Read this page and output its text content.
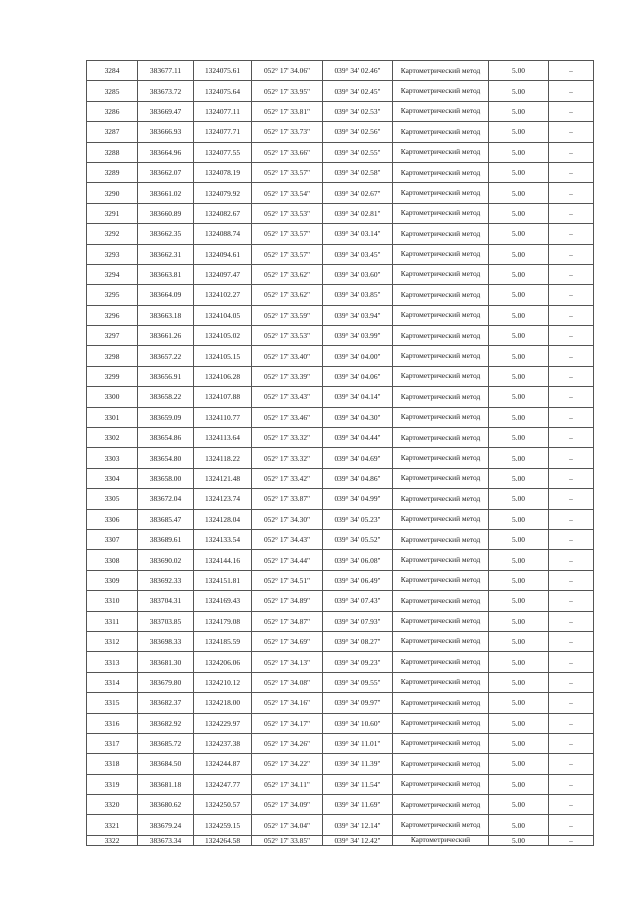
3284	383677.11	1324075.61	052° 17' 34.06"	039° 34' 02.46"	Картометрический метод	5.00	–
3285	383673.72	1324075.64	052° 17' 33.95"	039° 34' 02.45"	Картометрический метод	5.00	–
3286	383669.47	1324077.11	052° 17' 33.81"	039° 34' 02.53"	Картометрический метод	5.00	–
3287	383666.93	1324077.71	052° 17' 33.73"	039° 34' 02.56"	Картометрический метод	5.00	–
3288	383664.96	1324077.55	052° 17' 33.66"	039° 34' 02.55"	Картометрический метод	5.00	–
3289	383662.07	1324078.19	052° 17' 33.57"	039° 34' 02.58"	Картометрический метод	5.00	–
3290	383661.02	1324079.92	052° 17' 33.54"	039° 34' 02.67"	Картометрический метод	5.00	–
3291	383660.89	1324082.67	052° 17' 33.53"	039° 34' 02.81"	Картометрический метод	5.00	–
3292	383662.35	1324088.74	052° 17' 33.57"	039° 34' 03.14"	Картометрический метод	5.00	–
3293	383662.31	1324094.61	052° 17' 33.57"	039° 34' 03.45"	Картометрический метод	5.00	–
3294	383663.81	1324097.47	052° 17' 33.62"	039° 34' 03.60"	Картометрический метод	5.00	–
3295	383664.09	1324102.27	052° 17' 33.62"	039° 34' 03.85"	Картометрический метод	5.00	–
3296	383663.18	1324104.05	052° 17' 33.59"	039° 34' 03.94"	Картометрический метод	5.00	–
3297	383661.26	1324105.02	052° 17' 33.53"	039° 34' 03.99"	Картометрический метод	5.00	–
3298	383657.22	1324105.15	052° 17' 33.40"	039° 34' 04.00"	Картометрический метод	5.00	–
3299	383656.91	1324106.28	052° 17' 33.39"	039° 34' 04.06"	Картометрический метод	5.00	–
3300	383658.22	1324107.88	052° 17' 33.43"	039° 34' 04.14"	Картометрический метод	5.00	–
3301	383659.09	1324110.77	052° 17' 33.46"	039° 34' 04.30"	Картометрический метод	5.00	–
3302	383654.86	1324113.64	052° 17' 33.32"	039° 34' 04.44"	Картометрический метод	5.00	–
3303	383654.80	1324118.22	052° 17' 33.32"	039° 34' 04.69"	Картометрический метод	5.00	–
3304	383658.00	1324121.48	052° 17' 33.42"	039° 34' 04.86"	Картометрический метод	5.00	–
3305	383672.04	1324123.74	052° 17' 33.87"	039° 34' 04.99"	Картометрический метод	5.00	–
3306	383685.47	1324128.04	052° 17' 34.30"	039° 34' 05.23"	Картометрический метод	5.00	–
3307	383689.61	1324133.54	052° 17' 34.43"	039° 34' 05.52"	Картометрический метод	5.00	–
3308	383690.02	1324144.16	052° 17' 34.44"	039° 34' 06.08"	Картометрический метод	5.00	–
3309	383692.33	1324151.81	052° 17' 34.51"	039° 34' 06.49"	Картометрический метод	5.00	–
3310	383704.31	1324169.43	052° 17' 34.89"	039° 34' 07.43"	Картометрический метод	5.00	–
3311	383703.85	1324179.08	052° 17' 34.87"	039° 34' 07.93"	Картометрический метод	5.00	–
3312	383698.33	1324185.59	052° 17' 34.69"	039° 34' 08.27"	Картометрический метод	5.00	–
3313	383681.30	1324206.06	052° 17' 34.13"	039° 34' 09.23"	Картометрический метод	5.00	–
3314	383679.80	1324210.12	052° 17' 34.08"	039° 34' 09.55"	Картометрический метод	5.00	–
3315	383682.37	1324218.00	052° 17' 34.16"	039° 34' 09.97"	Картометрический метод	5.00	–
3316	383682.92	1324229.97	052° 17' 34.17"	039° 34' 10.60"	Картометрический метод	5.00	–
3317	383685.72	1324237.38	052° 17' 34.26"	039° 34' 11.01"	Картометрический метод	5.00	–
3318	383684.50	1324244.87	052° 17' 34.22"	039° 34' 11.39"	Картометрический метод	5.00	–
3319	383681.18	1324247.77	052° 17' 34.11"	039° 34' 11.54"	Картометрический метод	5.00	–
3320	383680.62	1324250.57	052° 17' 34.09"	039° 34' 11.69"	Картометрический метод	5.00	–
3321	383679.24	1324259.15	052° 17' 34.04"	039° 34' 12.14"	Картометрический метод	5.00	–
3322	383673.34	1324264.58	052° 17' 33.85"	039° 34' 12.42"	Картометрический	5.00	–
